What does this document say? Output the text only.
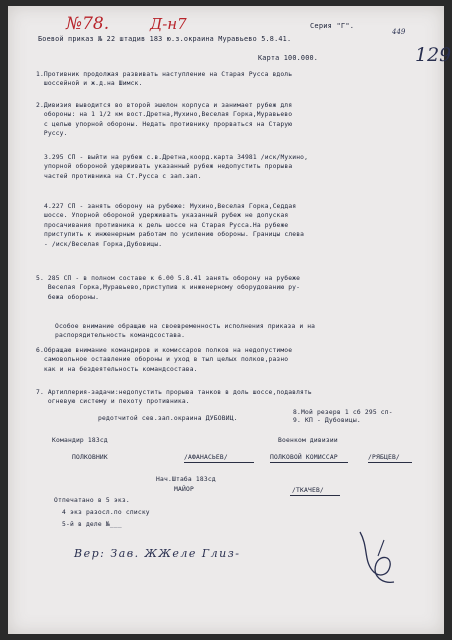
№78.	Д-н7	Серия "Г".
449
129
Боевой приказ № 22 штадив 183 ю.з.окраина Муравьево 5.8.41.
Карта 100.000.
1.Противник продолжая развивать наступление на Старая Русса вдоль
шоссейной и ж.д.на Шимск.
2.Дивизия выводится во второй эшелон корпуса и занимает рубеж для
обороны: на 1 1/2 км вост.Дретна,Мухино,Веселая Горка,Муравьево
с целью упорной обороны. Недать противнику прорваться на Старую
Руссу.
3.295 СП - выйти на рубеж с.в.Дретна,коорд.карта 34981 /иск/Мухино,
упорной обороной удерживать указанный рубеж недопустить прорыва
частей противника на Ст.Русса с зап.зап.
4.227 СП - занять оборону на рубеже: Мухино,Веселая Горка,Седдая
шоссе. Упорной обороной удерживать указанный рубеж не допуская
просачивания противника к дель шоссе на Старая Русса.На рубеже
приступить к инженерным работам по усилению обороны. Границы слева
- /иск/Веселая Горка,Дубовицы.
5. 285 СП - в полном составе к 6.00 5.8.41 занять оборону на рубеже
Веселая Горка,Муравьево,приступив к инженерному оборудованию ру-
бежа обороны.
Особое внимание обращаю на своевременность исполнения приказа и на
распорядительность командсостава.
6.Обращаю внимание командиров и комиссаров полков на недопустимое
самовольное оставление обороны и уход в тыл целых полков,разно
как и на бездеятельность командсостава.
7. Артиллерия-задачи:недопустить прорыва танков в доль шоссе,подавлять
огневую систему и пехоту противника.
8.Мой резерв 1 сб 295 сп-
9. КП - Дубовицы.
редотчитой сев.зап.окраина ДУБОВИЦ.
Командир 183сд	Военком дивизии
ПОЛКОВНИК	/АФАНАСЬЕВ/	ПОЛКОВОЙ КОМИССАР	/РЯБЦЕВ/
Нач.Штаба 183сд
МАЙОР	/ТКАЧЕВ/
Отпечатано в 5 экз.
4 экз разосл.по списку
5-й в деле №___
Вер: Зав. ЖЖеле Глиз-
